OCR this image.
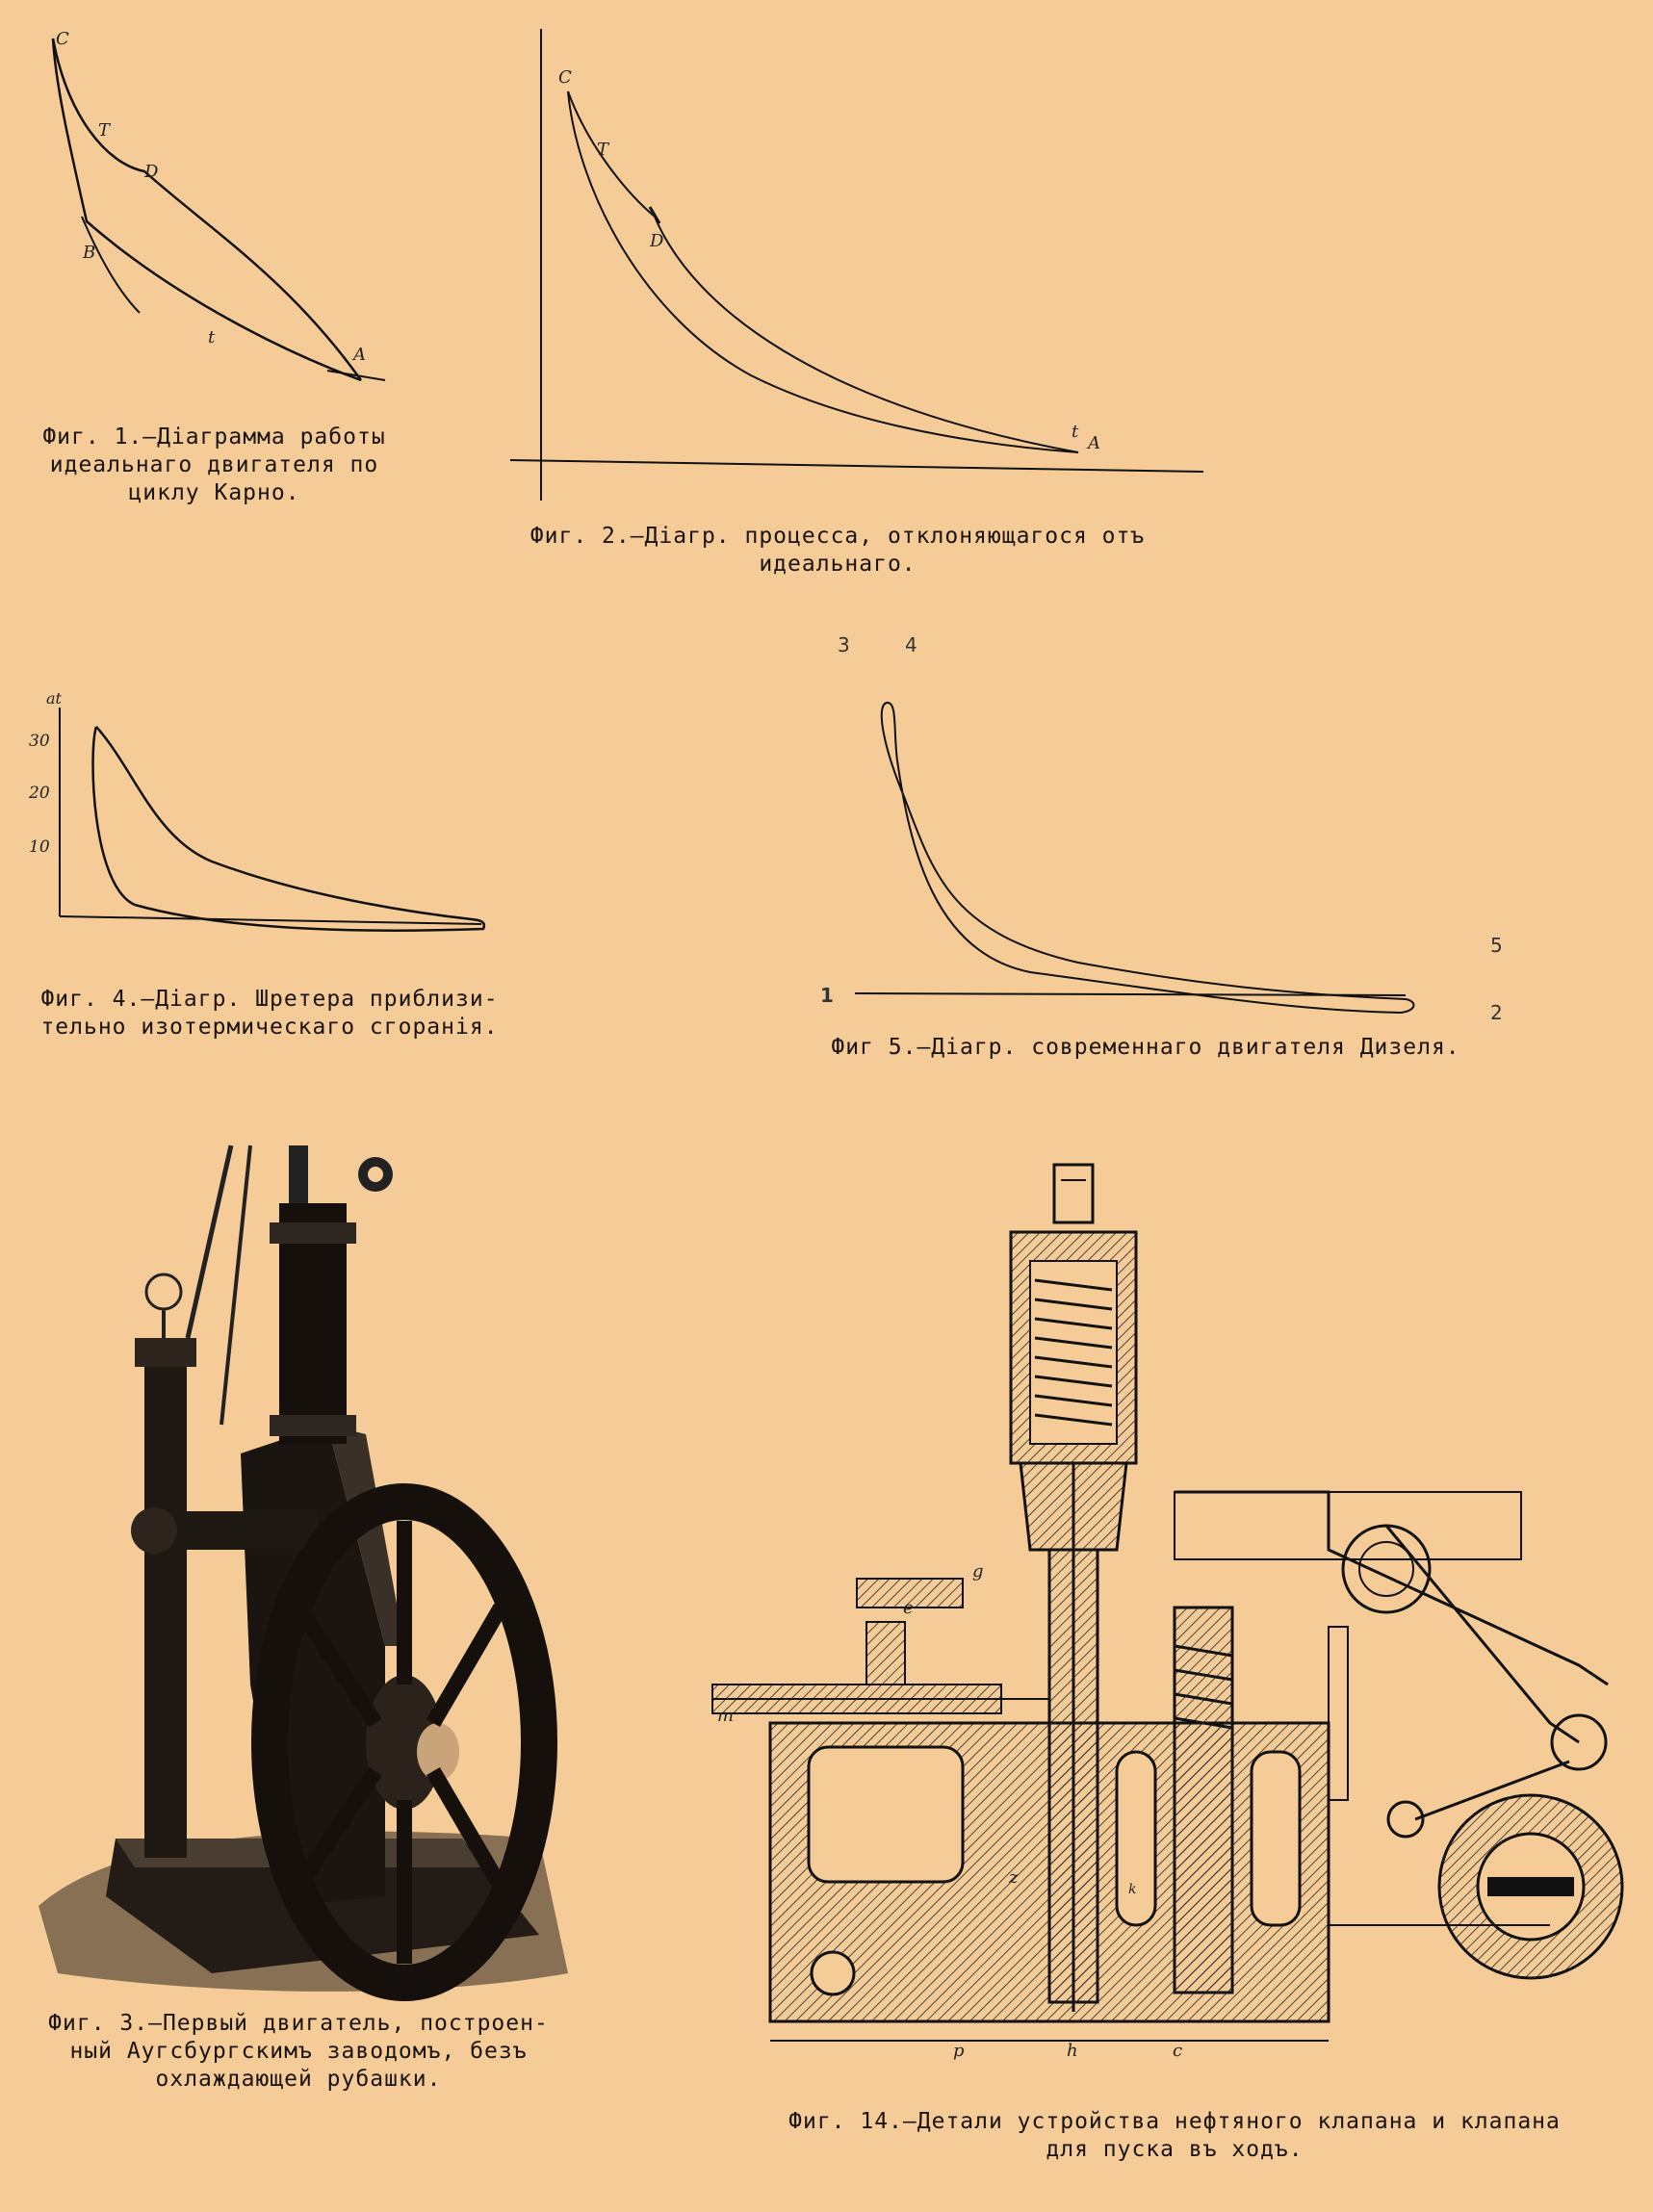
C
T
D
B
t
A
Фиг. 1.—Діаграмма работы
идеальнаго двигателя по
циклу Карно.
C
T
D
t
A
Фиг. 2.—Діагр. процесса, отклоняющагося отъ
идеальнаго.
at
30
20
10
Фиг. 4.—Діагр. Шретера приблизи-
тельно изотермическаго сгоранія.
3	4
1
5
2
Фиг 5.—Діагр. современнаго двигателя Дизеля.
Фиг. 3.—Первый двигатель, построен-
ный Аугсбургскимъ заводомъ, безъ
охлаждающей рубашки.
g
e
m
z
k
p	h	c
Фиг. 14.—Детали устройства нефтяного клапана и клапана
для пуска въ ходъ.
